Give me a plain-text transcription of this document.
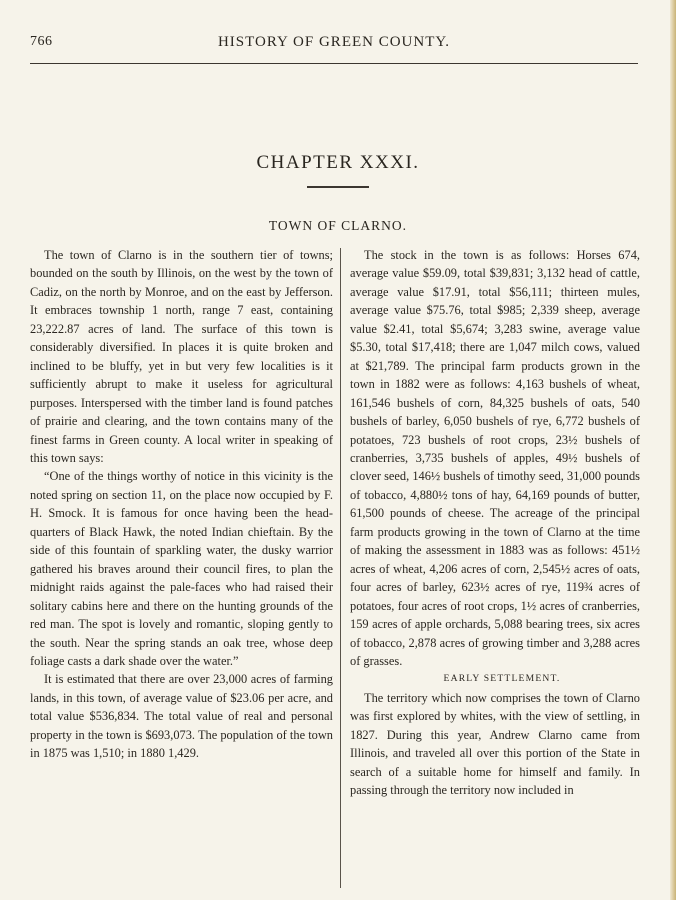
766	HISTORY OF GREEN COUNTY.
CHAPTER XXXI.
TOWN OF CLARNO.

The town of Clarno is in the southern tier of towns; bounded on the south by Illinois, on the west by the town of Cadiz, on the north by Monroe, and on the east by Jefferson. It embraces township 1 north, range 7 east, containing 23,222.87 acres of land. The surface of this town is considerably diversified. In places it is quite broken and inclined to be bluffy, yet in but very few localities is it sufficiently abrupt to make it useless for agricultural purposes. Interspersed with the timber land is found patches of prairie and clearing, and the town contains many of the finest farms in Green county. A local writer in speaking of this town says:

“One of the things worthy of notice in this vicinity is the noted spring on section 11, on the place now occupied by F. H. Smock. It is famous for once having been the head-quarters of Black Hawk, the noted Indian chieftain. By the side of this fountain of sparkling water, the dusky warrior gathered his braves around their council fires, to plan the midnight raids against the pale-faces who had raised their solitary cabins here and there on the hunting grounds of the red man. The spot is lovely and romantic, sloping gently to the south. Near the spring stands an oak tree, whose deep foliage casts a dark shade over the water.”

It is estimated that there are over 23,000 acres of farming lands, in this town, of average value of $23.06 per acre, and total value $536,834. The total value of real and personal property in the town is $693,073. The population of the town in 1875 was 1,510; in 1880 1,429.

The stock in the town is as follows: Horses 674, average value $59.09, total $39,831; 3,132 head of cattle, average value $17.91, total $56,111; thirteen mules, average value $75.76, total $985; 2,339 sheep, average value $2.41, total $5,674; 3,283 swine, average value $5.30, total $17,418; there are 1,047 milch cows, valued at $21,789. The principal farm products grown in the town in 1882 were as follows: 4,163 bushels of wheat, 161,546 bushels of corn, 84,325 bushels of oats, 540 bushels of barley, 6,050 bushels of rye, 6,772 bushels of potatoes, 723 bushels of root crops, 23½ bushels of cranberries, 3,735 bushels of apples, 49½ bushels of clover seed, 146½ bushels of timothy seed, 31,000 pounds of tobacco, 4,880½ tons of hay, 64,169 pounds of butter, 61,500 pounds of cheese. The acreage of the principal farm products growing in the town of Clarno at the time of making the assessment in 1883 was as follows: 451½ acres of wheat, 4,206 acres of corn, 2,545½ acres of oats, four acres of barley, 623½ acres of rye, 119¾ acres of potatoes, four acres of root crops, 1½ acres of cranberries, 159 acres of apple orchards, 5,088 bearing trees, six acres of tobacco, 2,878 acres of growing timber and 3,288 acres of grasses.

EARLY SETTLEMENT.

The territory which now comprises the town of Clarno was first explored by whites, with the view of settling, in 1827. During this year, Andrew Clarno came from Illinois, and traveled all over this portion of the State in search of a suitable home for himself and family. In passing through the territory now included in
